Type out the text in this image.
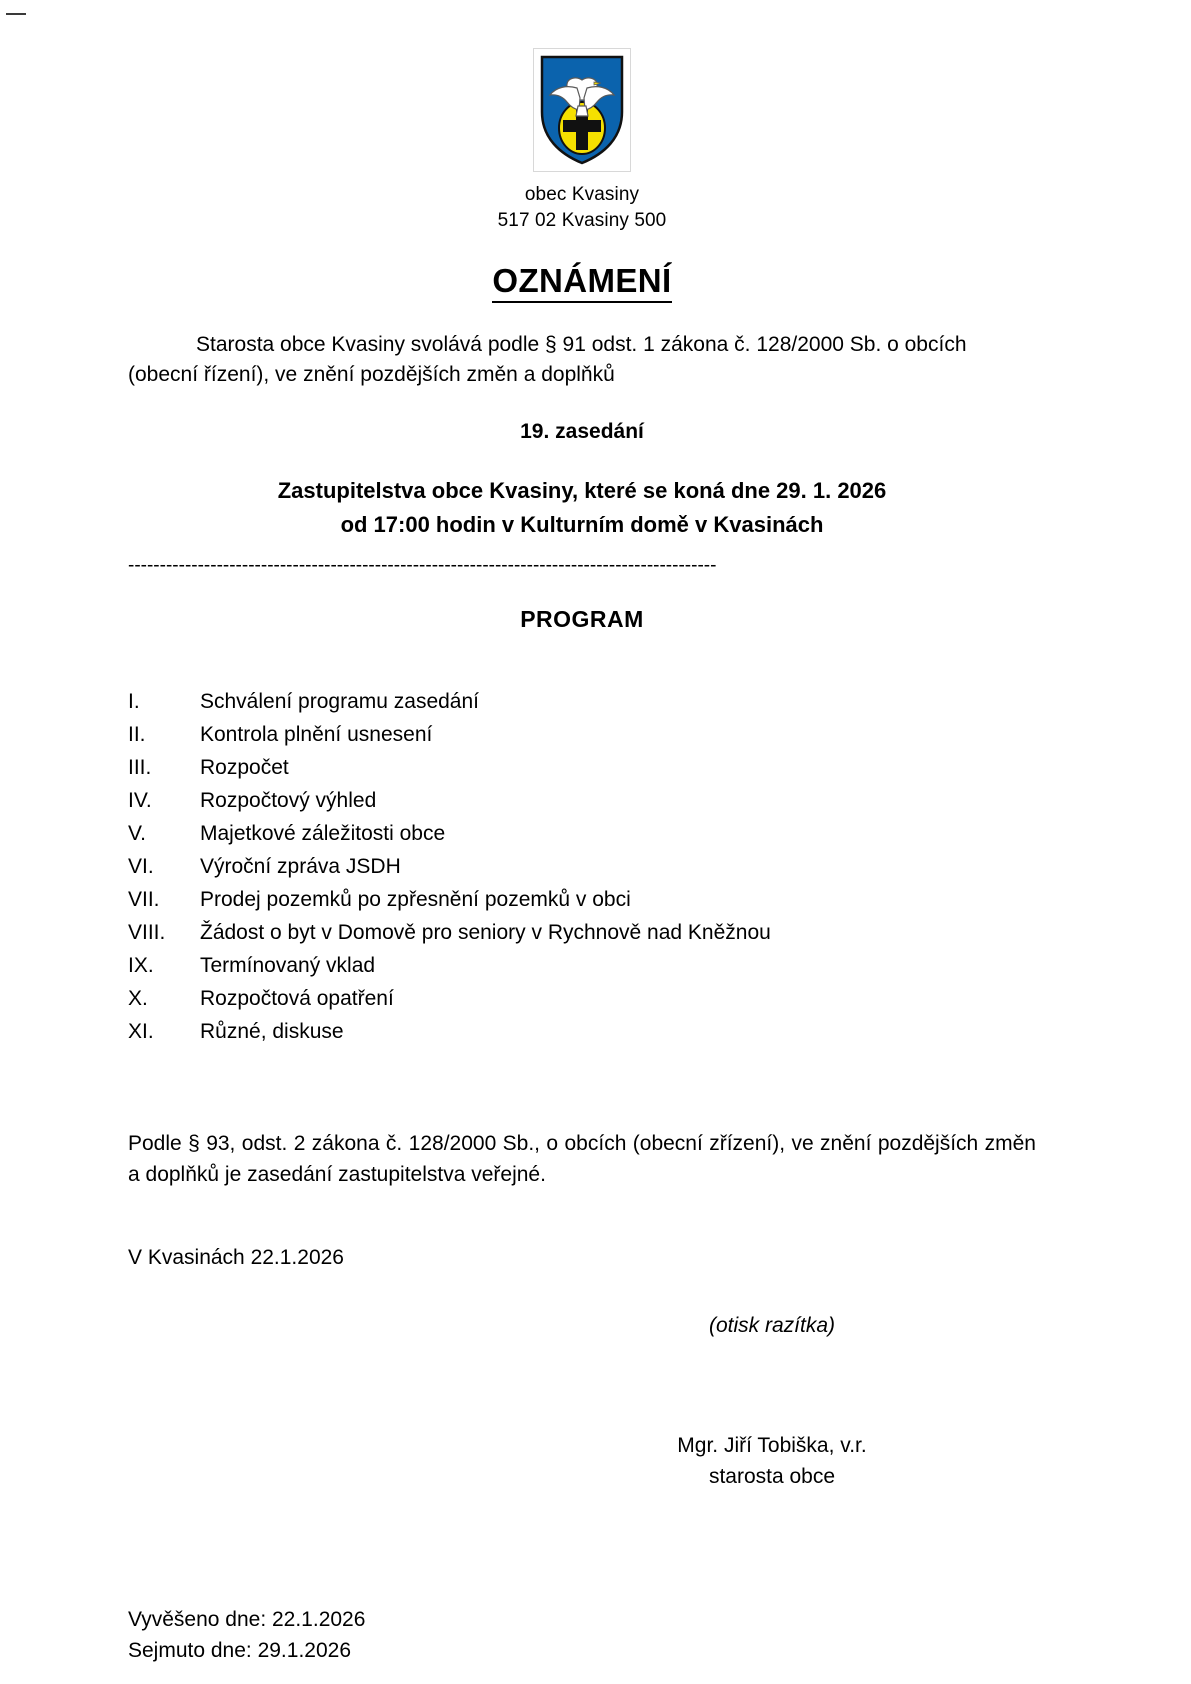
obec Kvasiny
517 02 Kvasiny 500
OZNÁMENÍ
Starosta obce Kvasiny svolává podle § 91 odst. 1 zákona č. 128/2000 Sb. o obcích (obecní řízení), ve znění pozdějších změn a doplňků
19. zasedání
Zastupitelstva obce Kvasiny, které se koná dne 29. 1. 2026
od 17:00 hodin v Kulturním domě v Kvasinách
---------------------------------------------------------------------------------------------
PROGRAM
I.	Schválení programu zasedání
II.	Kontrola plnění usnesení
III.	Rozpočet
IV.	Rozpočtový výhled
V.	Majetkové záležitosti obce
VI.	Výroční zpráva JSDH
VII.	Prodej pozemků po zpřesnění pozemků v obci
VIII.	Žádost o byt v Domově pro seniory v Rychnově nad Kněžnou
IX.	Termínovaný vklad
X.	Rozpočtová opatření
XI.	Různé, diskuse
Podle § 93, odst. 2 zákona č. 128/2000 Sb., o obcích (obecní zřízení), ve znění pozdějších změn a doplňků je zasedání zastupitelstva veřejné.
V Kvasinách 22.1.2026
(otisk razítka)
Mgr. Jiří Tobiška, v.r.
starosta obce
Vyvěšeno dne: 22.1.2026
Sejmuto dne: 29.1.2026
